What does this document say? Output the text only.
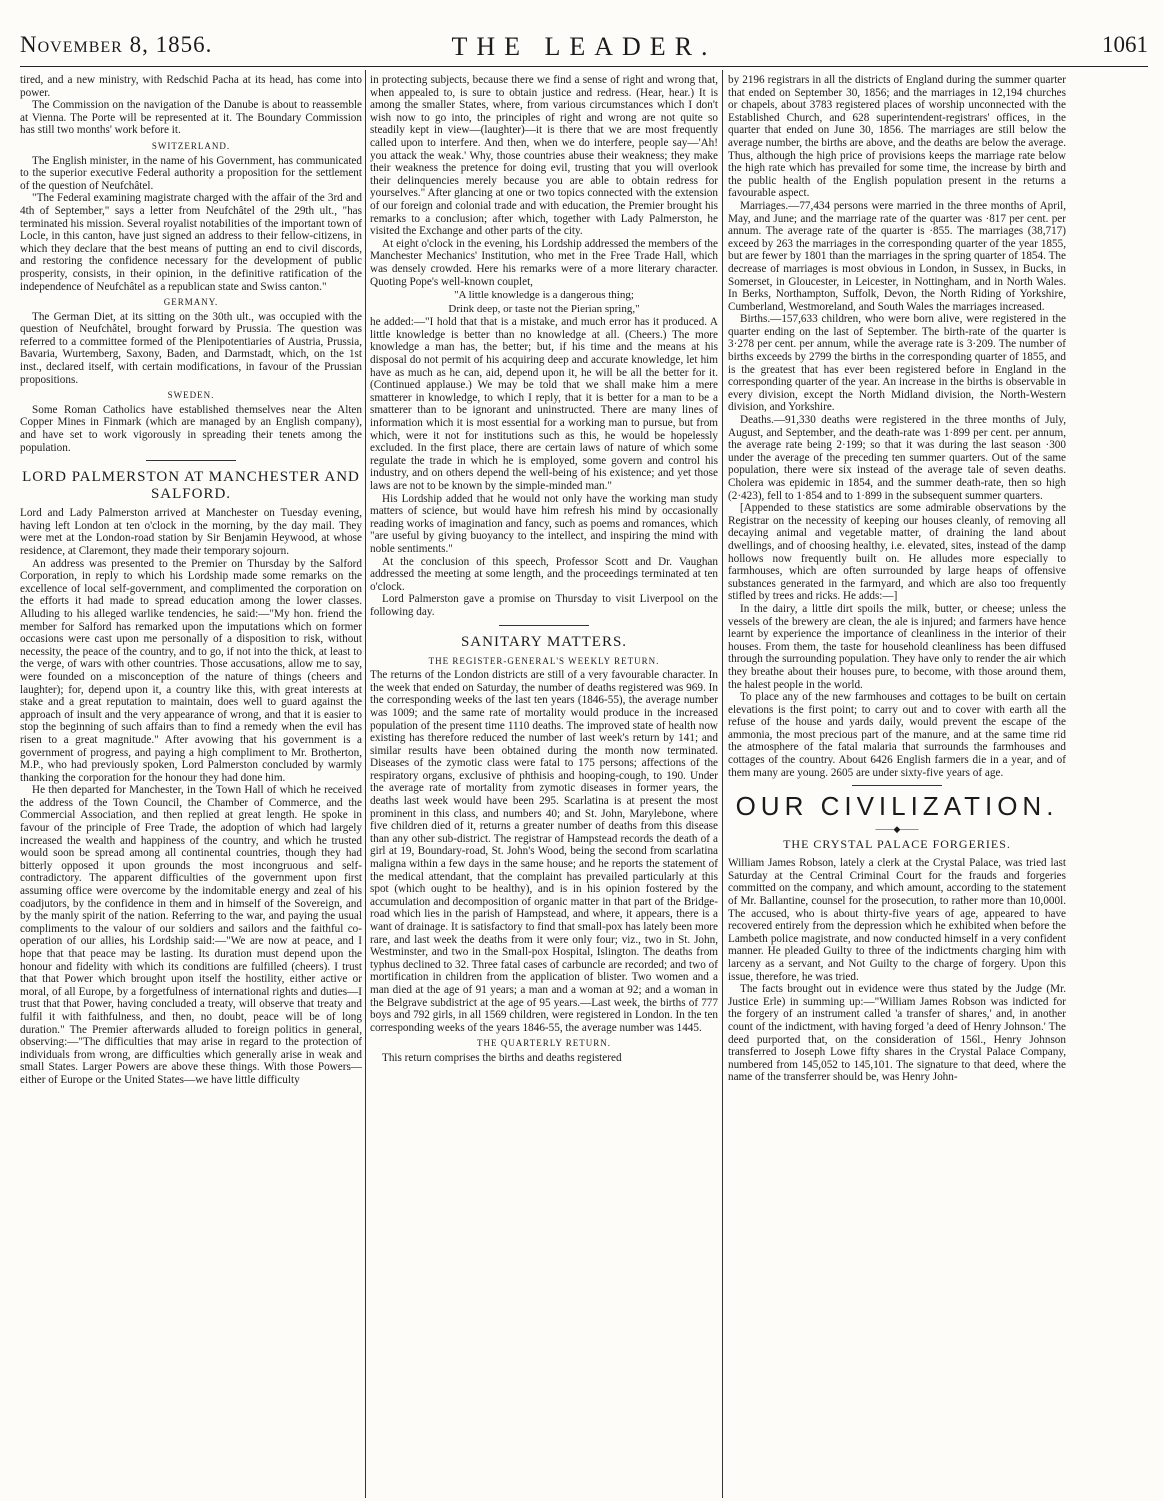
November 8, 1856.	THE LEADER.	1061

tired, and a new ministry, with Redschid Pacha at its head, has come into power.

The Commission on the navigation of the Danube is about to reassemble at Vienna. The Porte will be represented at it. The Boundary Commission has still two months' work before it.

SWITZERLAND.

The English minister, in the name of his Government, has communicated to the superior executive Federal authority a proposition for the settlement of the question of Neufchâtel.

"The Federal examining magistrate charged with the affair of the 3rd and 4th of September," says a letter from Neufchâtel of the 29th ult., "has terminated his mission. Several royalist notabilities of the important town of Locle, in this canton, have just signed an address to their fellow-citizens, in which they declare that the best means of putting an end to civil discords, and restoring the confidence necessary for the development of public prosperity, consists, in their opinion, in the definitive ratification of the independence of Neufchâtel as a republican state and Swiss canton."

GERMANY.

The German Diet, at its sitting on the 30th ult., was occupied with the question of Neufchâtel, brought forward by Prussia. The question was referred to a committee formed of the Plenipotentiaries of Austria, Prussia, Bavaria, Wurtemberg, Saxony, Baden, and Darmstadt, which, on the 1st inst., declared itself, with certain modifications, in favour of the Prussian propositions.

SWEDEN.

Some Roman Catholics have established themselves near the Alten Copper Mines in Finmark (which are managed by an English company), and have set to work vigorously in spreading their tenets among the population.

LORD PALMERSTON AT MANCHESTER AND SALFORD.

Lord and Lady Palmerston arrived at Manchester on Tuesday evening, having left London at ten o'clock in the morning, by the day mail. They were met at the London-road station by Sir Benjamin Heywood, at whose residence, at Claremont, they made their temporary sojourn.

An address was presented to the Premier on Thursday by the Salford Corporation, in reply to which his Lordship made some remarks on the excellence of local self-government, and complimented the corporation on the efforts it had made to spread education among the lower classes. Alluding to his alleged warlike tendencies, he said:—"My hon. friend the member for Salford has remarked upon the imputations which on former occasions were cast upon me personally of a disposition to risk, without necessity, the peace of the country, and to go, if not into the thick, at least to the verge, of wars with other countries. Those accusations, allow me to say, were founded on a misconception of the nature of things (cheers and laughter); for, depend upon it, a country like this, with great interests at stake and a great reputation to maintain, does well to guard against the approach of insult and the very appearance of wrong, and that it is easier to stop the beginning of such affairs than to find a remedy when the evil has risen to a great magnitude." After avowing that his government is a government of progress, and paying a high compliment to Mr. Brotherton, M.P., who had previously spoken, Lord Palmerston concluded by warmly thanking the corporation for the honour they had done him.

He then departed for Manchester, in the Town Hall of which he received the address of the Town Council, the Chamber of Commerce, and the Commercial Association, and then replied at great length. He spoke in favour of the principle of Free Trade, the adoption of which had largely increased the wealth and happiness of the country, and which he trusted would soon be spread among all continental countries, though they had bitterly opposed it upon grounds the most incongruous and self-contradictory. The apparent difficulties of the government upon first assuming office were overcome by the indomitable energy and zeal of his coadjutors, by the confidence in them and in himself of the Sovereign, and by the manly spirit of the nation. Referring to the war, and paying the usual compliments to the valour of our soldiers and sailors and the faithful co-operation of our allies, his Lordship said:—"We are now at peace, and I hope that that peace may be lasting. Its duration must depend upon the honour and fidelity with which its conditions are fulfilled (cheers). I trust that that Power which brought upon itself the hostility, either active or moral, of all Europe, by a forgetfulness of international rights and duties—I trust that that Power, having concluded a treaty, will observe that treaty and fulfil it with faithfulness, and then, no doubt, peace will be of long duration." The Premier afterwards alluded to foreign politics in general, observing:—"The difficulties that may arise in regard to the protection of individuals from wrong, are difficulties which generally arise in weak and small States. Larger Powers are above these things. With those Powers—either of Europe or the United States—we have little difficulty

in protecting subjects, because there we find a sense of right and wrong that, when appealed to, is sure to obtain justice and redress. (Hear, hear.) It is among the smaller States, where, from various circumstances which I don't wish now to go into, the principles of right and wrong are not quite so steadily kept in view—(laughter)—it is there that we are most frequently called upon to interfere. And then, when we do interfere, people say—'Ah! you attack the weak.' Why, those countries abuse their weakness; they make their weakness the pretence for doing evil, trusting that you will overlook their delinquencies merely because you are able to obtain redress for yourselves." After glancing at one or two topics connected with the extension of our foreign and colonial trade and with education, the Premier brought his remarks to a conclusion; after which, together with Lady Palmerston, he visited the Exchange and other parts of the city.

At eight o'clock in the evening, his Lordship addressed the members of the Manchester Mechanics' Institution, who met in the Free Trade Hall, which was densely crowded. Here his remarks were of a more literary character. Quoting Pope's well-known couplet,

"A little knowledge is a dangerous thing;
Drink deep, or taste not the Pierian spring,"

he added:—"I hold that that is a mistake, and much error has it produced. A little knowledge is better than no knowledge at all. (Cheers.) The more knowledge a man has, the better; but, if his time and the means at his disposal do not permit of his acquiring deep and accurate knowledge, let him have as much as he can, aid, depend upon it, he will be all the better for it. (Continued applause.) We may be told that we shall make him a mere smatterer in knowledge, to which I reply, that it is better for a man to be a smatterer than to be ignorant and uninstructed. There are many lines of information which it is most essential for a working man to pursue, but from which, were it not for institutions such as this, he would be hopelessly excluded. In the first place, there are certain laws of nature of which some regulate the trade in which he is employed, some govern and control his industry, and on others depend the well-being of his existence; and yet those laws are not to be known by the simple-minded man."

His Lordship added that he would not only have the working man study matters of science, but would have him refresh his mind by occasionally reading works of imagination and fancy, such as poems and romances, which "are useful by giving buoyancy to the intellect, and inspiring the mind with noble sentiments."

At the conclusion of this speech, Professor Scott and Dr. Vaughan addressed the meeting at some length, and the proceedings terminated at ten o'clock.

Lord Palmerston gave a promise on Thursday to visit Liverpool on the following day.

SANITARY MATTERS.
THE REGISTER-GENERAL'S WEEKLY RETURN.

The returns of the London districts are still of a very favourable character. In the week that ended on Saturday, the number of deaths registered was 969. In the corresponding weeks of the last ten years (1846-55), the average number was 1009; and the same rate of mortality would produce in the increased population of the present time 1110 deaths. The improved state of health now existing has therefore reduced the number of last week's return by 141; and similar results have been obtained during the month now terminated. Diseases of the zymotic class were fatal to 175 persons; affections of the respiratory organs, exclusive of phthisis and hooping-cough, to 190. Under the average rate of mortality from zymotic diseases in former years, the deaths last week would have been 295. Scarlatina is at present the most prominent in this class, and numbers 40; and St. John, Marylebone, where five children died of it, returns a greater number of deaths from this disease than any other sub-district. The registrar of Hampstead records the death of a girl at 19, Boundary-road, St. John's Wood, being the second from scarlatina maligna within a few days in the same house; and he reports the statement of the medical attendant, that the complaint has prevailed particularly at this spot (which ought to be healthy), and is in his opinion fostered by the accumulation and decomposition of organic matter in that part of the Bridge-road which lies in the parish of Hampstead, and where, it appears, there is a want of drainage. It is satisfactory to find that small-pox has lately been more rare, and last week the deaths from it were only four; viz., two in St. John, Westminster, and two in the Small-pox Hospital, Islington. The deaths from typhus declined to 32. Three fatal cases of carbuncle are recorded; and two of mortification in children from the application of blister. Two women and a man died at the age of 91 years; a man and a woman at 92; and a woman in the Belgrave subdistrict at the age of 95 years.—Last week, the births of 777 boys and 792 girls, in all 1569 children, were registered in London. In the ten corresponding weeks of the years 1846-55, the average number was 1445.

THE QUARTERLY RETURN.

This return comprises the births and deaths registered

by 2196 registrars in all the districts of England during the summer quarter that ended on September 30, 1856; and the marriages in 12,194 churches or chapels, about 3783 registered places of worship unconnected with the Established Church, and 628 superintendent-registrars' offices, in the quarter that ended on June 30, 1856. The marriages are still below the average number, the births are above, and the deaths are below the average. Thus, although the high price of provisions keeps the marriage rate below the high rate which has prevailed for some time, the increase by birth and the public health of the English population present in the returns a favourable aspect.

Marriages.—77,434 persons were married in the three months of April, May, and June; and the marriage rate of the quarter was ·817 per cent. per annum. The average rate of the quarter is ·855. The marriages (38,717) exceed by 263 the marriages in the corresponding quarter of the year 1855, but are fewer by 1801 than the marriages in the spring quarter of 1854. The decrease of marriages is most obvious in London, in Sussex, in Bucks, in Somerset, in Gloucester, in Leicester, in Nottingham, and in North Wales. In Berks, Northampton, Suffolk, Devon, the North Riding of Yorkshire, Cumberland, Westmoreland, and South Wales the marriages increased.

Births.—157,633 children, who were born alive, were registered in the quarter ending on the last of September. The birth-rate of the quarter is 3·278 per cent. per annum, while the average rate is 3·209. The number of births exceeds by 2799 the births in the corresponding quarter of 1855, and is the greatest that has ever been registered before in England in the corresponding quarter of the year. An increase in the births is observable in every division, except the North Midland division, the North-Western division, and Yorkshire.

Deaths.—91,330 deaths were registered in the three months of July, August, and September, and the death-rate was 1·899 per cent. per annum, the average rate being 2·199; so that it was during the last season ·300 under the average of the preceding ten summer quarters. Out of the same population, there were six instead of the average tale of seven deaths. Cholera was epidemic in 1854, and the summer death-rate, then so high (2·423), fell to 1·854 and to 1·899 in the subsequent summer quarters.

[Appended to these statistics are some admirable observations by the Registrar on the necessity of keeping our houses cleanly, of removing all decaying animal and vegetable matter, of draining the land about dwellings, and of choosing healthy, i.e. elevated, sites, instead of the damp hollows now frequently built on. He alludes more especially to farmhouses, which are often surrounded by large heaps of offensive substances generated in the farmyard, and which are also too frequently stifled by trees and ricks. He adds:—]

In the dairy, a little dirt spoils the milk, butter, or cheese; unless the vessels of the brewery are clean, the ale is injured; and farmers have hence learnt by experience the importance of cleanliness in the interior of their houses. From them, the taste for household cleanliness has been diffused through the surrounding population. They have only to render the air which they breathe about their houses pure, to become, with those around them, the halest people in the world.

To place any of the new farmhouses and cottages to be built on certain elevations is the first point; to carry out and to cover with earth all the refuse of the house and yards daily, would prevent the escape of the ammonia, the most precious part of the manure, and at the same time rid the atmosphere of the fatal malaria that surrounds the farmhouses and cottages of the country. About 6426 English farmers die in a year, and of them many are young. 2605 are under sixty-five years of age.

OUR CIVILIZATION.
——◆——
THE CRYSTAL PALACE FORGERIES.

William James Robson, lately a clerk at the Crystal Palace, was tried last Saturday at the Central Criminal Court for the frauds and forgeries committed on the company, and which amount, according to the statement of Mr. Ballantine, counsel for the prosecution, to rather more than 10,000l. The accused, who is about thirty-five years of age, appeared to have recovered entirely from the depression which he exhibited when before the Lambeth police magistrate, and now conducted himself in a very confident manner. He pleaded Guilty to three of the indictments charging him with larceny as a servant, and Not Guilty to the charge of forgery. Upon this issue, therefore, he was tried.

The facts brought out in evidence were thus stated by the Judge (Mr. Justice Erle) in summing up:—"William James Robson was indicted for the forgery of an instrument called 'a transfer of shares,' and, in another count of the indictment, with having forged 'a deed of Henry Johnson.' The deed purported that, on the consideration of 156l., Henry Johnson transferred to Joseph Lowe fifty shares in the Crystal Palace Company, numbered from 145,052 to 145,101. The signature to that deed, where the name of the transferrer should be, was Henry John-
